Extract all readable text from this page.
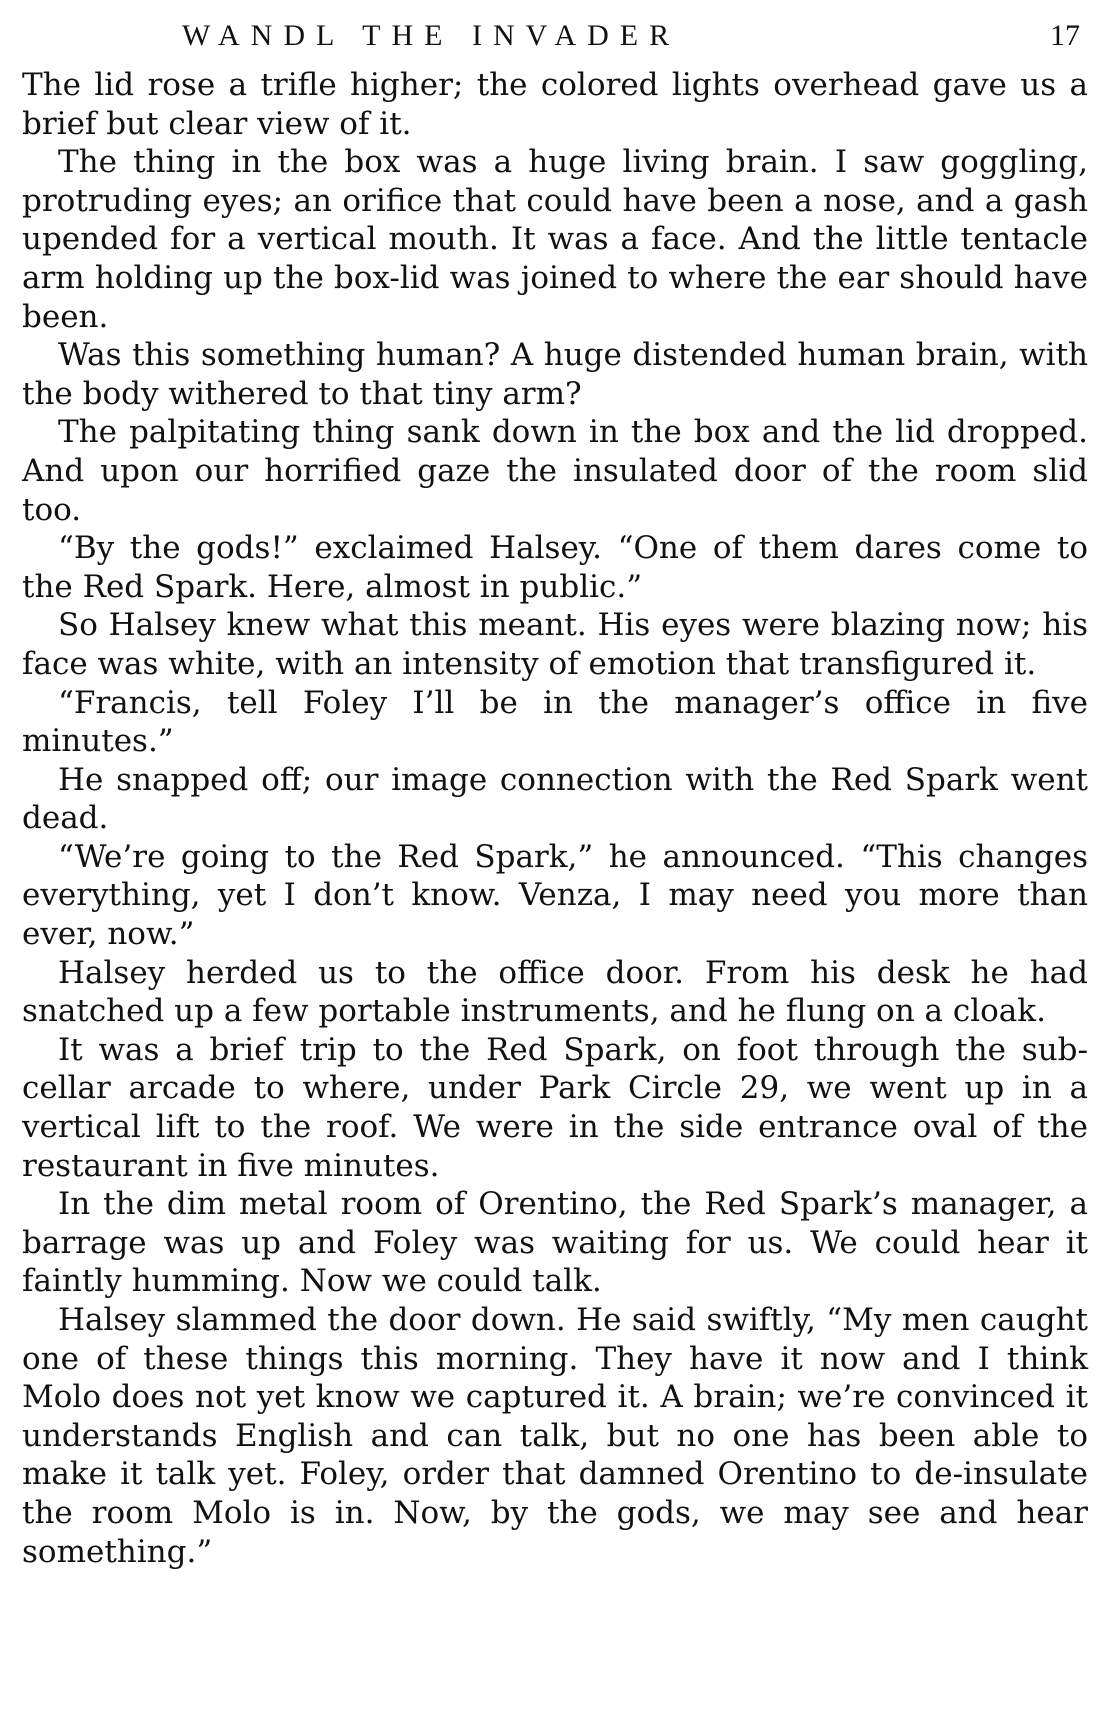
WANDL THE INVADER	17

The lid rose a trifle higher; the colored lights overhead gave us a brief but clear view of it.

The thing in the box was a huge living brain. I saw goggling, protruding eyes; an orifice that could have been a nose, and a gash upended for a vertical mouth. It was a face. And the little tentacle arm holding up the box-lid was joined to where the ear should have been.

Was this something human? A huge distended human brain, with the body withered to that tiny arm?

The palpitating thing sank down in the box and the lid dropped. And upon our horrified gaze the insulated door of the room slid too.

“By the gods!” exclaimed Halsey. “One of them dares come to the Red Spark. Here, almost in public.”

So Halsey knew what this meant. His eyes were blazing now; his face was white, with an intensity of emotion that transfigured it.

“Francis, tell Foley I’ll be in the manager’s office in five minutes.”

He snapped off; our image connection with the Red Spark went dead.

“We’re going to the Red Spark,” he announced. “This changes everything, yet I don’t know. Venza, I may need you more than ever, now.”

Halsey herded us to the office door. From his desk he had snatched up a few portable instruments, and he flung on a cloak.

It was a brief trip to the Red Spark, on foot through the sub-cellar arcade to where, under Park Circle 29, we went up in a vertical lift to the roof. We were in the side entrance oval of the restaurant in five minutes.

In the dim metal room of Orentino, the Red Spark’s manager, a barrage was up and Foley was waiting for us. We could hear it faintly humming. Now we could talk.

Halsey slammed the door down. He said swiftly, “My men caught one of these things this morning. They have it now and I think Molo does not yet know we captured it. A brain; we’re convinced it understands English and can talk, but no one has been able to make it talk yet. Foley, order that damned Orentino to de-insulate the room Molo is in. Now, by the gods, we may see and hear something.”
